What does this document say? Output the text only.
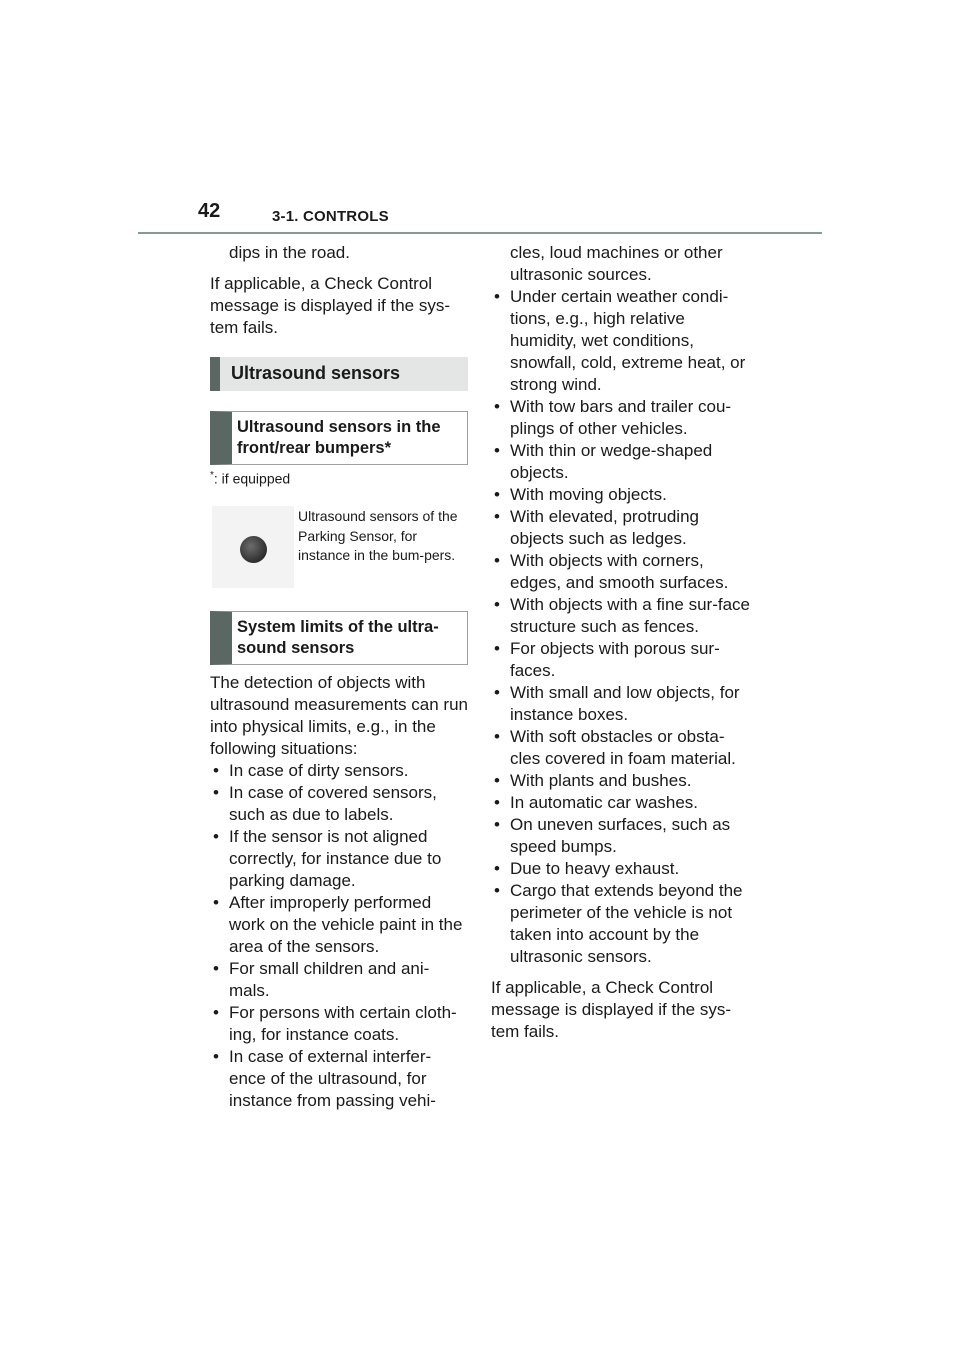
42	3-1. CONTROLS

dips in the road.

If applicable, a Check Control message is displayed if the sys-tem fails.

Ultrasound sensors
Ultrasound sensors in the front/rear bumpers*
*: if equipped
Ultrasound sensors of the Parking Sensor, for instance in the bum-pers.
System limits of the ultra-sound sensors

The detection of objects with ultrasound measurements can run into physical limits, e.g., in the following situations:

• In case of dirty sensors.
• In case of covered sensors, such as due to labels.
• If the sensor is not aligned correctly, for instance due to parking damage.
• After improperly performed work on the vehicle paint in the area of the sensors.
• For small children and ani-mals.
• For persons with certain cloth-ing, for instance coats.
• In case of external interfer-ence of the ultrasound, for instance from passing vehi-

cles, loud machines or other ultrasonic sources.

• Under certain weather condi-tions, e.g., high relative humidity, wet conditions, snowfall, cold, extreme heat, or strong wind.
• With tow bars and trailer cou-plings of other vehicles.
• With thin or wedge-shaped objects.
• With moving objects.
• With elevated, protruding objects such as ledges.
• With objects with corners, edges, and smooth surfaces.
• With objects with a fine sur-face structure such as fences.
• For objects with porous sur-faces.
• With small and low objects, for instance boxes.
• With soft obstacles or obsta-cles covered in foam material.
• With plants and bushes.
• In automatic car washes.
• On uneven surfaces, such as speed bumps.
• Due to heavy exhaust.
• Cargo that extends beyond the perimeter of the vehicle is not taken into account by the ultrasonic sensors.

If applicable, a Check Control message is displayed if the sys-tem fails.
